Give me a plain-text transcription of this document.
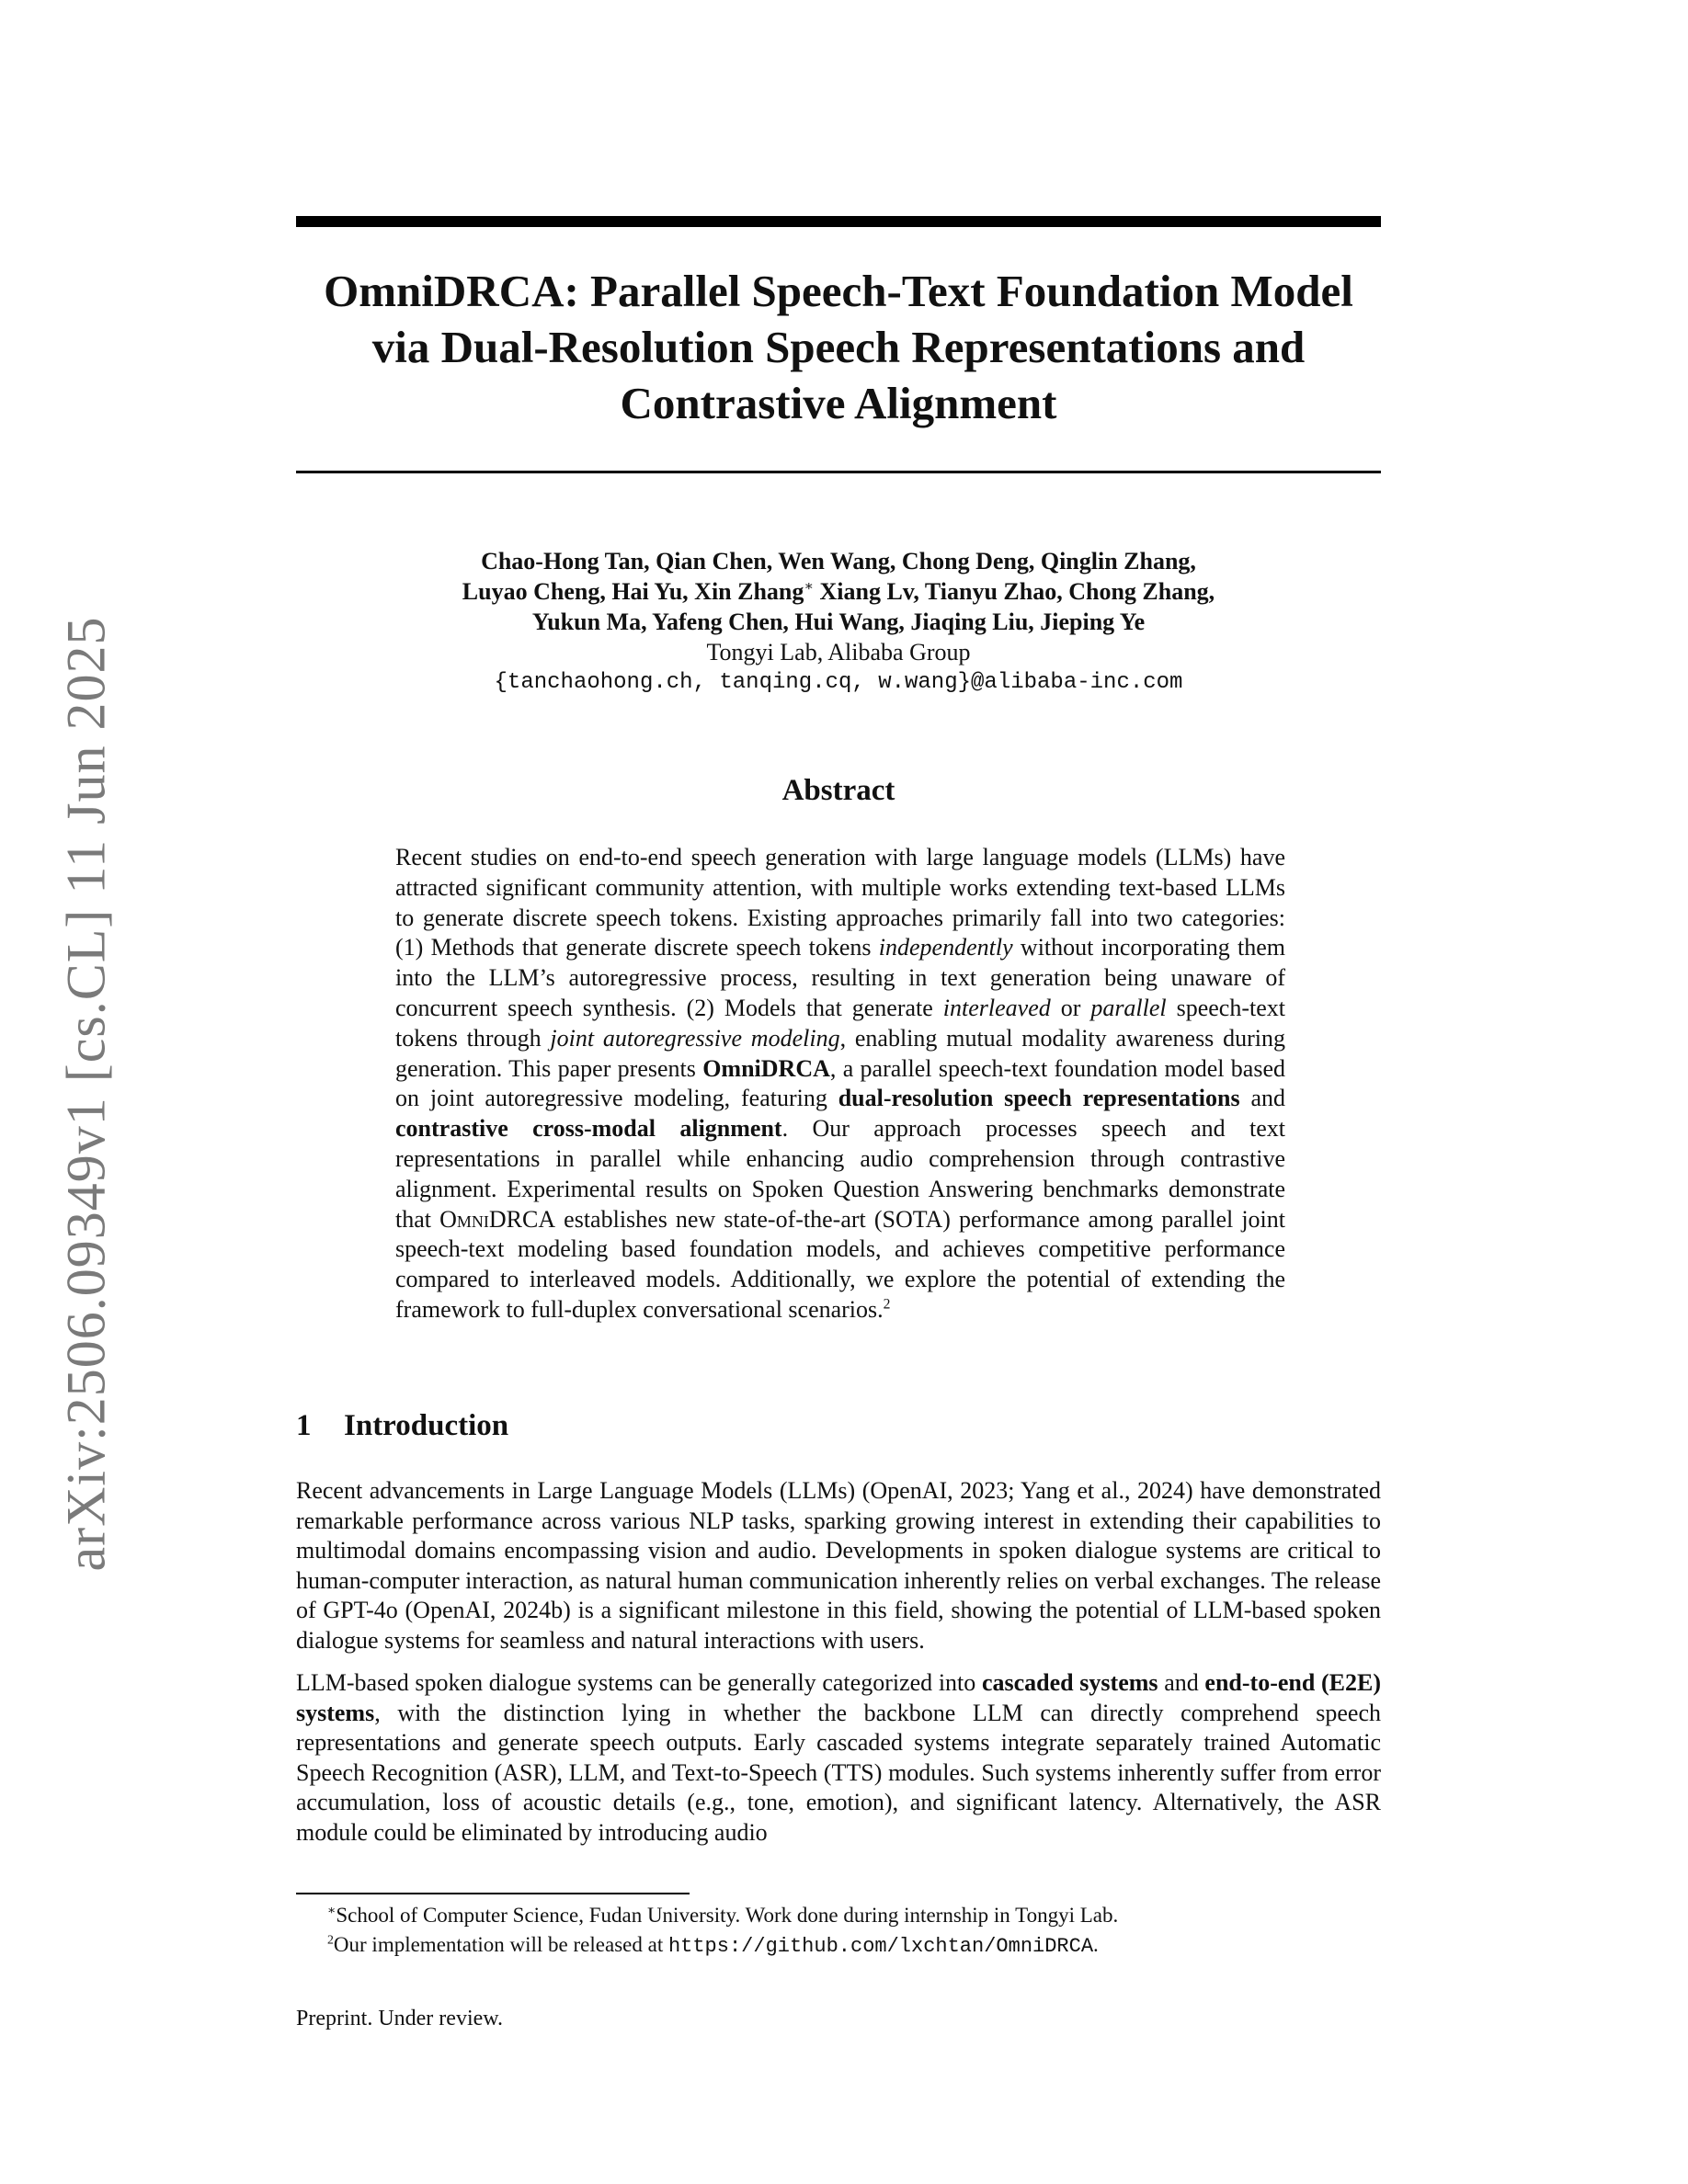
arXiv:2506.09349v1 [cs.CL] 11 Jun 2025
OmniDRCA: Parallel Speech-Text Foundation Model
via Dual-Resolution Speech Representations and
Contrastive Alignment
Chao-Hong Tan, Qian Chen, Wen Wang, Chong Deng, Qinglin Zhang,
Luyao Cheng, Hai Yu, Xin Zhang∗ Xiang Lv, Tianyu Zhao, Chong Zhang,
Yukun Ma, Yafeng Chen, Hui Wang, Jiaqing Liu, Jieping Ye
Tongyi Lab, Alibaba Group
{tanchaohong.ch, tanqing.cq, w.wang}@alibaba-inc.com
Abstract
Recent studies on end-to-end speech generation with large language models (LLMs) have attracted significant community attention, with multiple works extending text-based LLMs to generate discrete speech tokens. Existing approaches primarily fall into two categories: (1) Methods that generate discrete speech tokens independently without incorporating them into the LLM’s autoregressive process, resulting in text generation being unaware of concurrent speech synthesis. (2) Models that generate interleaved or parallel speech-text tokens through joint autoregressive modeling, enabling mutual modality awareness during generation. This paper presents OmniDRCA, a parallel speech-text foundation model based on joint autoregressive modeling, featuring dual-resolution speech representations and contrastive cross-modal alignment. Our approach processes speech and text representations in parallel while enhancing audio comprehension through contrastive alignment. Experimental results on Spoken Question Answering benchmarks demonstrate that OmniDRCA establishes new state-of-the-art (SOTA) performance among parallel joint speech-text modeling based foundation models, and achieves competitive performance compared to interleaved models. Additionally, we explore the potential of extending the framework to full-duplex conversational scenarios.$^2$
1 Introduction

Recent advancements in Large Language Models (LLMs) (OpenAI, 2023; Yang et al., 2024) have demonstrated remarkable performance across various NLP tasks, sparking growing interest in extending their capabilities to multimodal domains encompassing vision and audio. Developments in spoken dialogue systems are critical to human-computer interaction, as natural human communication inherently relies on verbal exchanges. The release of GPT-4o (OpenAI, 2024b) is a significant milestone in this field, showing the potential of LLM-based spoken dialogue systems for seamless and natural interactions with users.

LLM-based spoken dialogue systems can be generally categorized into cascaded systems and end-to-end (E2E) systems, with the distinction lying in whether the backbone LLM can directly comprehend speech representations and generate speech outputs. Early cascaded systems integrate separately trained Automatic Speech Recognition (ASR), LLM, and Text-to-Speech (TTS) modules. Such systems inherently suffer from error accumulation, loss of acoustic details (e.g., tone, emotion), and significant latency. Alternatively, the ASR module could be eliminated by introducing audio

∗School of Computer Science, Fudan University. Work done during internship in Tongyi Lab.
$^2$Our implementation will be released at https://github.com/lxchtan/OmniDRCA.
Preprint. Under review.
